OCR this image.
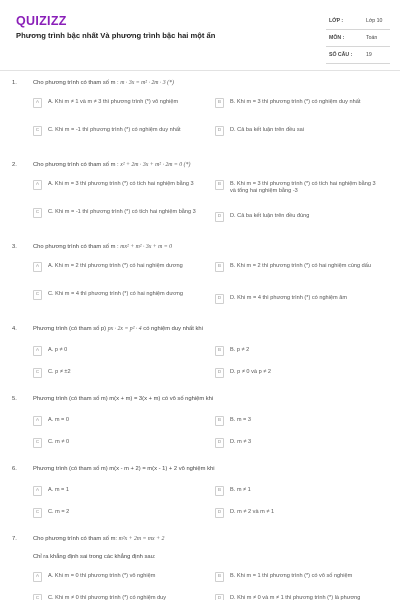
QUIZIZZ
Phương trình bậc nhất Và phương trình bậc hai một ẩn
LỚP :	Lớp 10
MÔN :	Toán
SỐ CÂU :	19
1.	Cho phương trình có tham số m : m · 3x = m² · 2m · 3 (*)
A	A. Khi m ≠ 1 và m ≠ 3 thì phương trình (*) vô nghiệm	B	B. Khi m = 3 thì phương trình (*) có nghiệm duy nhất
C	C. Khi m = -1 thì phương trình (*) có nghiệm duy nhất	D	D. Cả ba kết luận trên đều sai
2.	Cho phương trình có tham số m : x² + 2m · 3x + m² · 2m = 0 (*)
A	A. Khi m = 3 thì phương trình (*) có tích hai nghiệm bằng 3	B	B. Khi m = 3 thì phương trình (*) có tích hai nghiệm bằng 3 và tổng hai nghiệm bằng -3
C	C. Khi m = -1 thì phương trình (*) có tích hai nghiệm bằng 3
D	D. Cả ba kết luận trên đều đúng
3.	Cho phương trình có tham số m : mx² + m² · 3x + m = 0
A	A. Khi m = 2 thì phương trình (*) có hai nghiệm dương	B	B. Khi m = 2 thì phương trình (*) có hai nghiệm cùng dấu
C	C. Khi m = 4 thì phương trình (*) có hai nghiệm dương
D	D. Khi m = 4 thì phương trình (*) có nghiệm âm
4.	Phương trình (có tham số p) px · 2x = p² · 4 có nghiệm duy nhất khi
A	A. p ≠ 0	B	B. p ≠ 2
C	C. p ≠ ±2	D	D. p ≠ 0 và p ≠ 2
5.	Phương trình (có tham số m) m(x + m) = 3(x + m) có vô số nghiệm khi
A	A. m = 0	B	B. m = 3
C	C. m ≠ 0	D	D. m ≠ 3
6.	Phương trình (có tham số m) m(x - m + 2) = m(x - 1) + 2 vô nghiệm khi
A	A. m = 1	B	B. m ≠ 1
C	C. m = 2	D	D. m ≠ 2 và m ≠ 1
7.	Cho phương trình có tham số m: m²x + 2m = mx + 2
Chỉ ra khẳng định sai trong các khẳng định sau:
A	A. Khi m = 0 thì phương trình (*) vô nghiệm	B	B. Khi m = 1 thì phương trình (*) có vô số nghiệm
C	C. Khi m ≠ 0 thì phương trình (*) có nghiệm duy	D	D. Khi m ≠ 0 và m ≠ 1 thì phương trình (*) là phương
